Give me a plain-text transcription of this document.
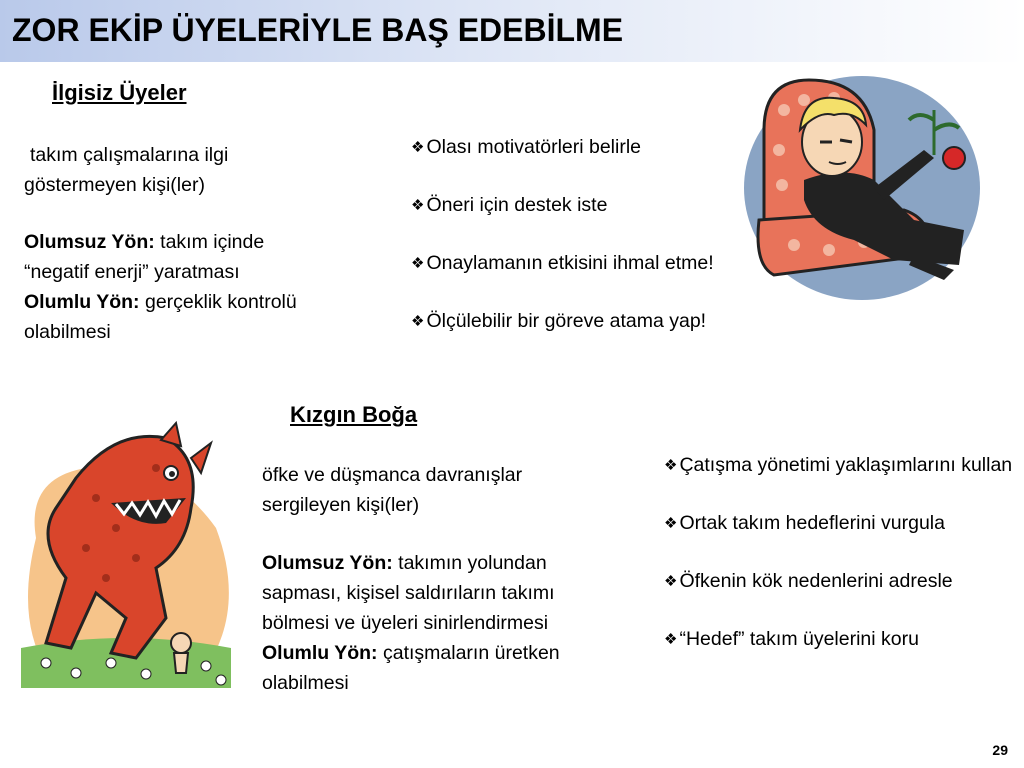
ZOR EKİP ÜYELERİYLE BAŞ EDEBİLME
İlgisiz Üyeler
takım çalışmalarına ilgi göstermeyen kişi(ler)
Olumsuz Yön: takım içinde “negatif enerji” yaratması
Olumlu Yön: gerçeklik kontrolü olabilmesi
❖ Olası motivatörleri belirle
❖ Öneri için destek iste
❖ Onaylamanın etkisini ihmal etme!
❖ Ölçülebilir bir göreve atama yap!
Kızgın Boğa
öfke ve düşmanca davranışlar sergileyen kişi(ler)
Olumsuz Yön: takımın yolundan sapması, kişisel saldırıların takımı bölmesi ve üyeleri sinirlendirmesi
Olumlu Yön: çatışmaların üretken olabilmesi
❖ Çatışma yönetimi yaklaşımlarını kullan
❖ Ortak takım hedeflerini vurgula
❖ Öfkenin kök nedenlerini adresle
❖ “Hedef” takım üyelerini koru
29
